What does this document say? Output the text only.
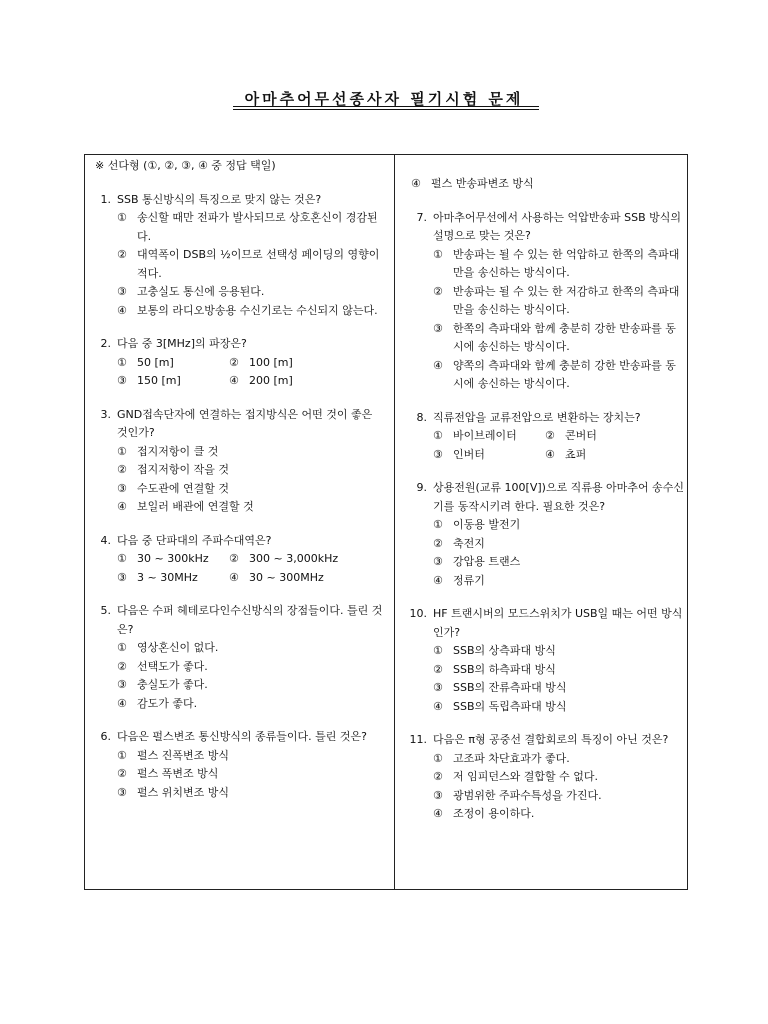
아마추어무선종사자 필기시험 문제
※ 선다형 (①, ②, ③, ④ 중 정답 택일)
1. SSB 통신방식의 특징으로 맞지 않는 것은?
① 송신할 때만 전파가 발사되므로 상호혼신이 경감된다.
② 대역폭이 DSB의 ½이므로 선택성 페이딩의 영향이 적다.
③ 고충실도 통신에 응용된다.
④ 보통의 라디오방송용 수신기로는 수신되지 않는다.
2. 다음 중 3[MHz]의 파장은?
① 50 [m]	② 100 [m]
③ 150 [m]	④ 200 [m]
3. GND접속단자에 연결하는 접지방식은 어떤 것이 좋은 것인가?
① 접지저항이 클 것
② 접지저항이 작을 것
③ 수도관에 연결할 것
④ 보일러 배관에 연결할 것
4. 다음 중 단파대의 주파수대역은?
① 30 ~ 300kHz	② 300 ~ 3,000kHz
③ 3 ~ 30MHz	④ 30 ~ 300MHz
5. 다음은 수퍼 헤테로다인수신방식의 장점들이다. 틀린 것은?
① 영상혼신이 없다.
② 선택도가 좋다.
③ 충실도가 좋다.
④ 감도가 좋다.
6. 다음은 펄스변조 통신방식의 종류들이다. 틀린 것은?
① 펄스 진폭변조 방식
② 펄스 폭변조 방식
③ 펄스 위치변조 방식
④ 펄스 반송파변조 방식
7. 아마추어무선에서 사용하는 억압반송파 SSB 방식의 설명으로 맞는 것은?
① 반송파는 될 수 있는 한 억압하고 한쪽의 측파대만을 송신하는 방식이다.
② 반송파는 될 수 있는 한 저감하고 한쪽의 측파대만을 송신하는 방식이다.
③ 한쪽의 측파대와 함께 충분히 강한 반송파를 동시에 송신하는 방식이다.
④ 양쪽의 측파대와 함께 충분히 강한 반송파를 동시에 송신하는 방식이다.
8. 직류전압을 교류전압으로 변환하는 장치는?
① 바이브레이터	② 콘버터
③ 인버터	④ 쵸퍼
9. 상용전원(교류 100[V])으로 직류용 아마추어 송수신기를 동작시키려 한다. 필요한 것은?
① 이동용 발전기
② 축전지
③ 강압용 트랜스
④ 정류기
10. HF 트랜시버의 모드스위치가 USB일 때는 어떤 방식인가?
① SSB의 상측파대 방식
② SSB의 하측파대 방식
③ SSB의 잔류측파대 방식
④ SSB의 독립측파대 방식
11. 다음은 π형 공중선 결합회로의 특징이 아닌 것은?
① 고조파 차단효과가 좋다.
② 저 임피던스와 결합할 수 없다.
③ 광범위한 주파수특성을 가진다.
④ 조정이 용이하다.
